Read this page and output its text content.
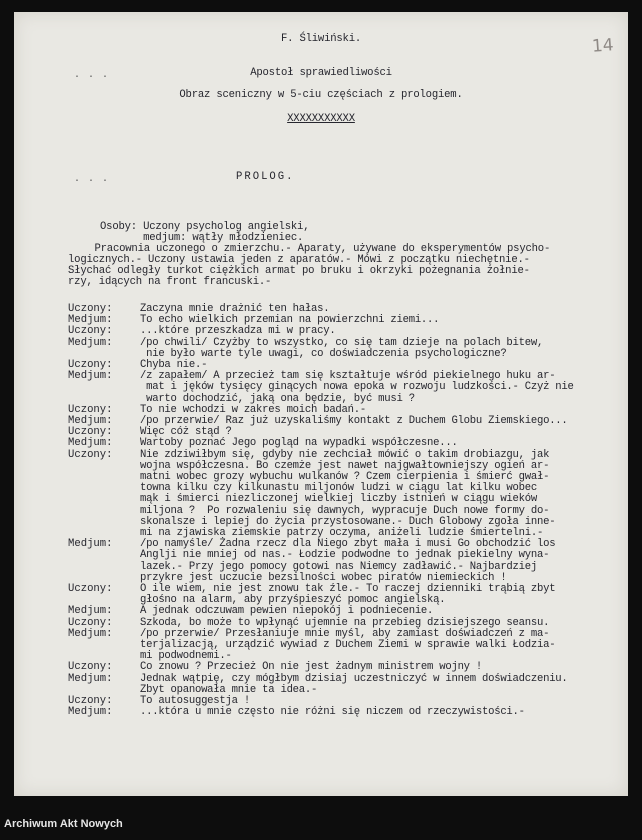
14
F. Śliwiński.
. . .	Apostoł sprawiedliwości
Obraz sceniczny w 5-ciu częściach z prologiem.
XXXXXXXXXXX
. . .	PROLOG.
Osoby: Uczony psycholog angielski,
medjum: wątły młodzieniec.
Pracownia uczonego o zmierzchu.- Aparaty, używane do eksperymentów psycho-
logicznych.- Uczony ustawia jeden z aparatów.- Mówi z początku niechętnie.-
Słychać odległy turkot ciężkich armat po bruku i okrzyki pożegnania żołnie-
rzy, idących na front francuski.-
Uczony:	Zaczyna mnie drażnić ten hałas.
Medjum:	To echo wielkich przemian na powierzchni ziemi...
Uczony:	...które przeszkadza mi w pracy.
Medjum:	/po chwili/ Czyżby to wszystko, co się tam dzieje na polach bitew,
nie było warte tyle uwagi, co doświadczenia psychologiczne?
Uczony:	Chyba nie.-
Medjum:	/z zapałem/ A przecież tam się kształtuje wśród piekielnego huku ar-
mat i jęków tysięcy ginących nowa epoka w rozwoju ludzkości.- Czyż nie
warto dochodzić, jaką ona będzie, być musi ?
Uczony:	To nie wchodzi w zakres moich badań.-
Medjum:	/po przerwie/ Raz już uzyskaliśmy kontakt z Duchem Globu Ziemskiego...
Uczony:	Więc cóż stąd ?
Medjum:	Wartoby poznać Jego pogląd na wypadki współczesne...
Uczony:	Nie zdziwiłbym się, gdyby nie zechciał mówić o takim drobiazgu, jak
wojna współczesna. Bo czemże jest nawet najgwałtowniejszy ogień ar-
matni wobec grozy wybuchu wulkanów ? Czem cierpienia i śmierć gwał-
towna kilku czy kilkunastu miljonów ludzi w ciągu lat kilku wobec
mąk i śmierci niezliczonej wielkiej liczby istnień w ciągu wieków
miljona ?  Po rozwaleniu się dawnych, wypracuje Duch nowe formy do-
skonalsze i lepiej do życia przystosowane.- Duch Globowy zgoła inne-
mi na zjawiska ziemskie patrzy oczyma, aniżeli ludzie śmiertelni.-
Medjum:	/po namyśle/ Żadna rzecz dla Niego zbyt mała i musi Go obchodzić los
Anglji nie mniej od nas.- Łodzie podwodne to jednak piekielny wyna-
lazek.- Przy jego pomocy gotowi nas Niemcy zadławić.- Najbardziej
przykre jest uczucie bezsilności wobec piratów niemieckich !
Uczony:	O ile wiem, nie jest znowu tak źle.- To raczej dzienniki trąbią zbyt
głośno na alarm, aby przyśpieszyć pomoc angielską.
Medjum:	A jednak odczuwam pewien niepokój i podniecenie.
Uczony:	Szkoda, bo może to wpłynąć ujemnie na przebieg dzisiejszego seansu.
Medjum:	/po przerwie/ Przesłaniuje mnie myśl, aby zamiast doświadczeń z ma-
terjalizacją, urządzić wywiad z Duchem Ziemi w sprawie walki Łodzia-
mi podwodnemi.-
Uczony:	Co znowu ? Przecież On nie jest żadnym ministrem wojny !
Medjum:	Jednak wątpię, czy mógłbym dzisiaj uczestniczyć w innem doświadczeniu.
Zbyt opanowała mnie ta idea.-
Uczony:	To autosuggestja !
Medjum:	...która u mnie często nie różni się niczem od rzeczywistości.-
Archiwum Akt Nowych
